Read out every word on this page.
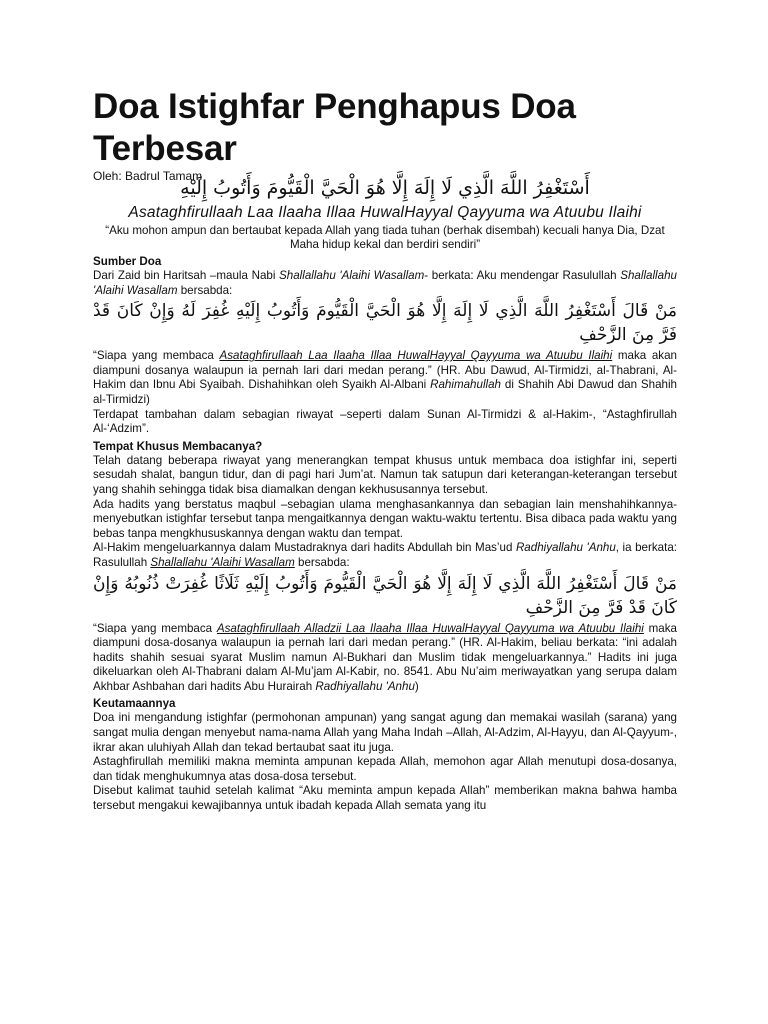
Doa Istighfar Penghapus Doa Terbesar
Oleh: Badrul Tamam
أَسْتَغْفِرُ اللَّهَ الَّذِي لَا إِلَهَ إِلَّا هُوَ الْحَيَّ الْقَيُّومَ وَأَتُوبُ إِلَيْهِ
Asataghfirullaah Laa Ilaaha Illaa HuwalHayyal Qayyuma wa Atuubu Ilaihi
“Aku mohon ampun dan bertaubat kepada Allah yang tiada tuhan (berhak disembah) kecuali hanya Dia, Dzat Maha hidup kekal dan berdiri sendiri”
Sumber Doa

Dari Zaid bin Haritsah –maula Nabi Shallallahu 'Alaihi Wasallam- berkata: Aku mendengar Rasulullah Shallallahu 'Alaihi Wasallam bersabda:

مَنْ قَالَ أَسْتَغْفِرُ اللَّهَ الَّذِي لَا إِلَهَ إِلَّا هُوَ الْحَيَّ الْقَيُّومَ وَأَتُوبُ إِلَيْهِ غُفِرَ لَهُ وَإِنْ كَانَ قَدْ فَرَّ مِنَ الزَّحْفِ

“Siapa yang membaca Asataghfirullaah Laa Ilaaha Illaa HuwalHayyal Qayyuma wa Atuubu Ilaihi maka akan diampuni dosanya walaupun ia pernah lari dari medan perang.” (HR. Abu Dawud, Al-Tirmidzi, al-Thabrani, Al-Hakim dan Ibnu Abi Syaibah. Dishahihkan oleh Syaikh Al-Albani Rahimahullah di Shahih Abi Dawud dan Shahih al-Tirmidzi)

Terdapat tambahan dalam sebagian riwayat –seperti dalam Sunan Al-Tirmidzi & al-Hakim-, “Astaghfirullah Al-‘Adzim”.

Tempat Khusus Membacanya?

Telah datang beberapa riwayat yang menerangkan tempat khusus untuk membaca doa istighfar ini, seperti sesudah shalat, bangun tidur, dan di pagi hari Jum’at. Namun tak satupun dari keterangan-keterangan tersebut yang shahih sehingga tidak bisa diamalkan dengan kekhususannya tersebut.

Ada hadits yang berstatus maqbul –sebagian ulama menghasankannya dan sebagian lain menshahihkannya- menyebutkan istighfar tersebut tanpa mengaitkannya dengan waktu-waktu tertentu. Bisa dibaca pada waktu yang bebas tanpa mengkhususkannya dengan waktu dan tempat.

Al-Hakim mengeluarkannya dalam Mustadraknya dari hadits Abdullah bin Mas’ud Radhiyallahu 'Anhu, ia berkata: Rasulullah Shallallahu 'Alaihi Wasallam bersabda:

مَنْ قَالَ أَسْتَغْفِرُ اللَّهَ الَّذِي لَا إِلَهَ إِلَّا هُوَ الْحَيَّ الْقَيُّومَ وَأَتُوبُ إِلَيْهِ ثَلَاثًا غُفِرَتْ ذُنُوبُهُ وَإِنْ كَانَ قَدْ فَرَّ مِنَ الزَّحْفِ

“Siapa yang membaca Asataghfirullaah Alladzii Laa Ilaaha Illaa HuwalHayyal Qayyuma wa Atuubu Ilaihi maka diampuni dosa-dosanya walaupun ia pernah lari dari medan perang.” (HR. Al-Hakim, beliau berkata: “ini adalah hadits shahih sesuai syarat Muslim namun Al-Bukhari dan Muslim tidak mengeluarkannya.” Hadits ini juga dikeluarkan oleh Al-Thabrani dalam Al-Mu’jam Al-Kabir, no. 8541. Abu Nu’aim meriwayatkan yang serupa dalam Akhbar Ashbahan dari hadits Abu Hurairah Radhiyallahu 'Anhu)

Keutamaannya

Doa ini mengandung istighfar (permohonan ampunan) yang sangat agung dan memakai wasilah (sarana) yang sangat mulia dengan menyebut nama-nama Allah yang Maha Indah –Allah, Al-Adzim, Al-Hayyu, dan Al-Qayyum-, ikrar akan uluhiyah Allah dan tekad bertaubat saat itu juga.

Astaghfirullah memiliki makna meminta ampunan kepada Allah, memohon agar Allah menutupi dosa-dosanya, dan tidak menghukumnya atas dosa-dosa tersebut.

Disebut kalimat tauhid setelah kalimat “Aku meminta ampun kepada Allah” memberikan makna bahwa hamba tersebut mengakui kewajibannya untuk ibadah kepada Allah semata yang itu
